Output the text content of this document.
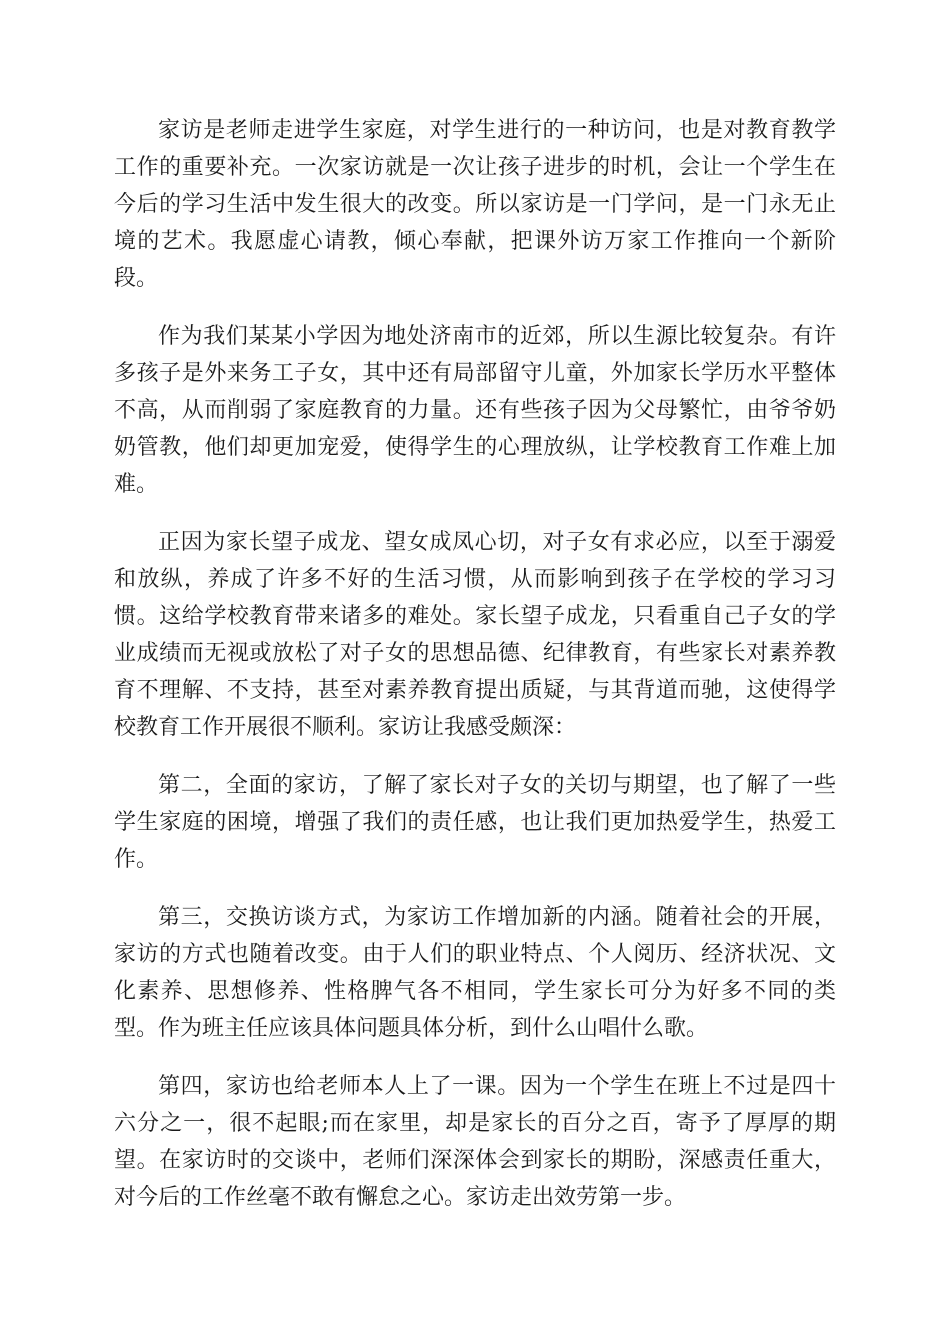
家访是老师走进学生家庭，对学生进行的一种访问，也是对教育教学工作的重要补充。一次家访就是一次让孩子进步的时机，会让一个学生在今后的学习生活中发生很大的改变。所以家访是一门学问，是一门永无止境的艺术。我愿虚心请教，倾心奉献，把课外访万家工作推向一个新阶段。

作为我们某某小学因为地处济南市的近郊，所以生源比较复杂。有许多孩子是外来务工子女，其中还有局部留守儿童，外加家长学历水平整体不高，从而削弱了家庭教育的力量。还有些孩子因为父母繁忙，由爷爷奶奶管教，他们却更加宠爱，使得学生的心理放纵，让学校教育工作难上加难。

正因为家长望子成龙、望女成凤心切，对子女有求必应，以至于溺爱和放纵，养成了许多不好的生活习惯，从而影响到孩子在学校的学习习惯。这给学校教育带来诸多的难处。家长望子成龙，只看重自己子女的学业成绩而无视或放松了对子女的思想品德、纪律教育，有些家长对素养教育不理解、不支持，甚至对素养教育提出质疑，与其背道而驰，这使得学校教育工作开展很不顺利。家访让我感受颇深：

第二，全面的家访，了解了家长对子女的关切与期望，也了解了一些学生家庭的困境，增强了我们的责任感，也让我们更加热爱学生，热爱工作。

第三，交换访谈方式，为家访工作增加新的内涵。随着社会的开展，家访的方式也随着改变。由于人们的职业特点、个人阅历、经济状况、文化素养、思想修养、性格脾气各不相同，学生家长可分为好多不同的类型。作为班主任应该具体问题具体分析，到什么山唱什么歌。

第四，家访也给老师本人上了一课。因为一个学生在班上不过是四十六分之一，很不起眼;而在家里，却是家长的百分之百，寄予了厚厚的期望。在家访时的交谈中，老师们深深体会到家长的期盼，深感责任重大，对今后的工作丝毫不敢有懈怠之心。家访走出效劳第一步。
